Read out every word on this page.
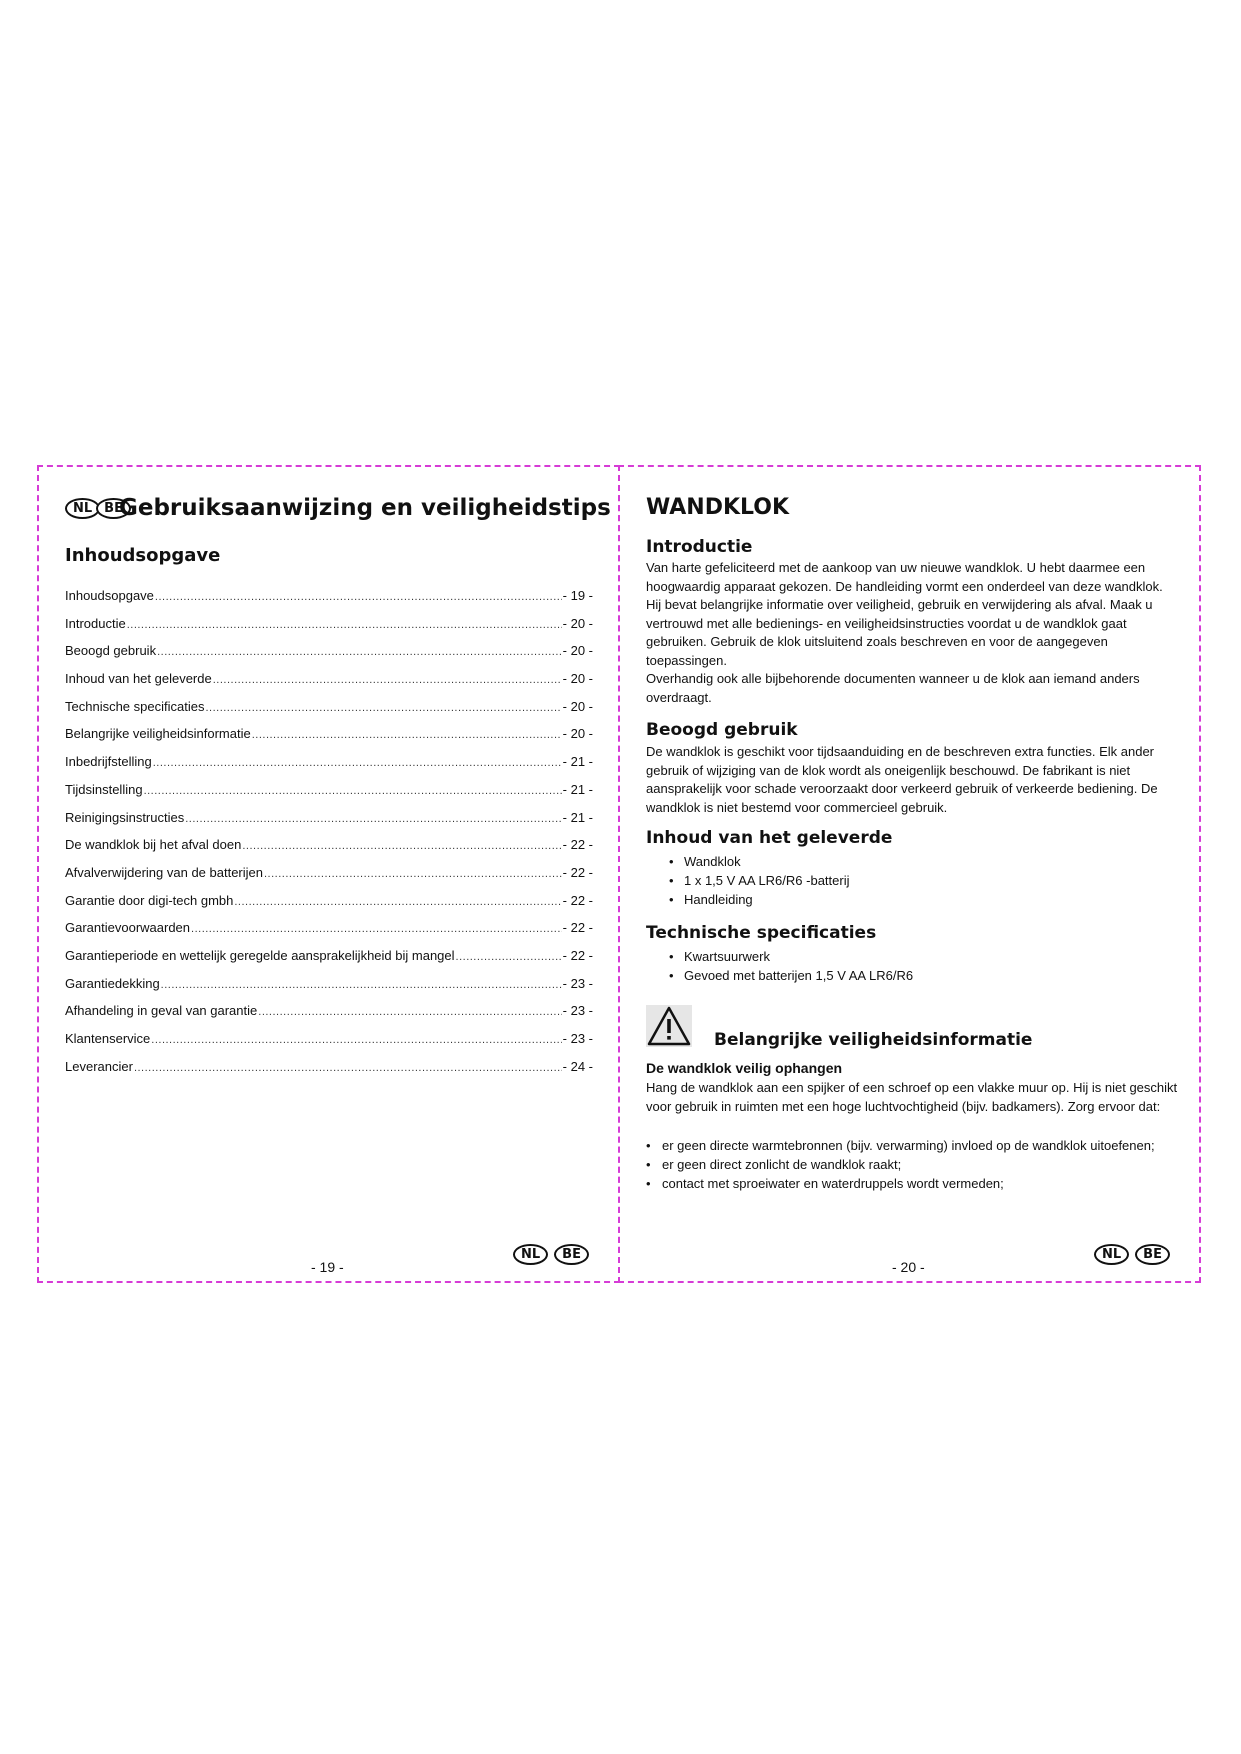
NL BE
Gebruiksaanwijzing en veiligheidstips
Inhoudsopgave
Inhoudsopgave .....	- 19 -
Introductie .....	- 20 -
Beoogd gebruik .....	- 20 -
Inhoud van het geleverde .....	- 20 -
Technische specificaties .....	- 20 -
Belangrijke veiligheidsinformatie .....	- 20 -
Inbedrijfstelling .....	- 21 -
Tijdsinstelling .....	- 21 -
Reinigingsinstructies .....	- 21 -
De wandklok bij het afval doen .....	- 22 -
Afvalverwijdering van de batterijen .....	- 22 -
Garantie door digi-tech gmbh .....	- 22 -
Garantievoorwaarden .....	- 22 -
Garantieperiode en wettelijk geregelde aansprakelijkheid bij mangel .....	- 22 -
Garantiedekking .....	- 23 -
Afhandeling in geval van garantie .....	- 23 -
Klantenservice .....	- 23 -
Leverancier .....	- 24 -
- 19 -
NL	BE
WANDKLOK
Introductie
Van harte gefeliciteerd met de aankoop van uw nieuwe wandklok. U hebt daarmee een hoogwaardig apparaat gekozen. De handleiding vormt een onderdeel van deze wandklok. Hij bevat belangrijke informatie over veiligheid, gebruik en verwijdering als afval. Maak u vertrouwd met alle bedienings- en veiligheidsinstructies voordat u de wandklok gaat gebruiken. Gebruik de klok uitsluitend zoals beschreven en voor de aangegeven toepassingen.
Overhandig ook alle bijbehorende documenten wanneer u de klok aan iemand anders overdraagt.
Beoogd gebruik
De wandklok is geschikt voor tijdsaanduiding en de beschreven extra functies. Elk ander gebruik of wijziging van de klok wordt als oneigenlijk beschouwd. De fabrikant is niet aansprakelijk voor schade veroorzaakt door verkeerd gebruik of verkeerde bediening. De wandklok is niet bestemd voor commercieel gebruik.
Inhoud van het geleverde
• Wandklok
• 1 x 1,5 V AA LR6/R6 -batterij
• Handleiding
Technische specificaties
• Kwartsuurwerk
• Gevoed met batterijen 1,5 V AA LR6/R6
Belangrijke veiligheidsinformatie
De wandklok veilig ophangen
Hang de wandklok aan een spijker of een schroef op een vlakke muur op. Hij is niet geschikt voor gebruik in ruimten met een hoge luchtvochtigheid (bijv. badkamers). Zorg ervoor dat:
• er geen directe warmtebronnen (bijv. verwarming) invloed op de wandklok uitoefenen;
• er geen direct zonlicht de wandklok raakt;
• contact met sproeiwater en waterdruppels wordt vermeden;
- 20 -
NL	BE
